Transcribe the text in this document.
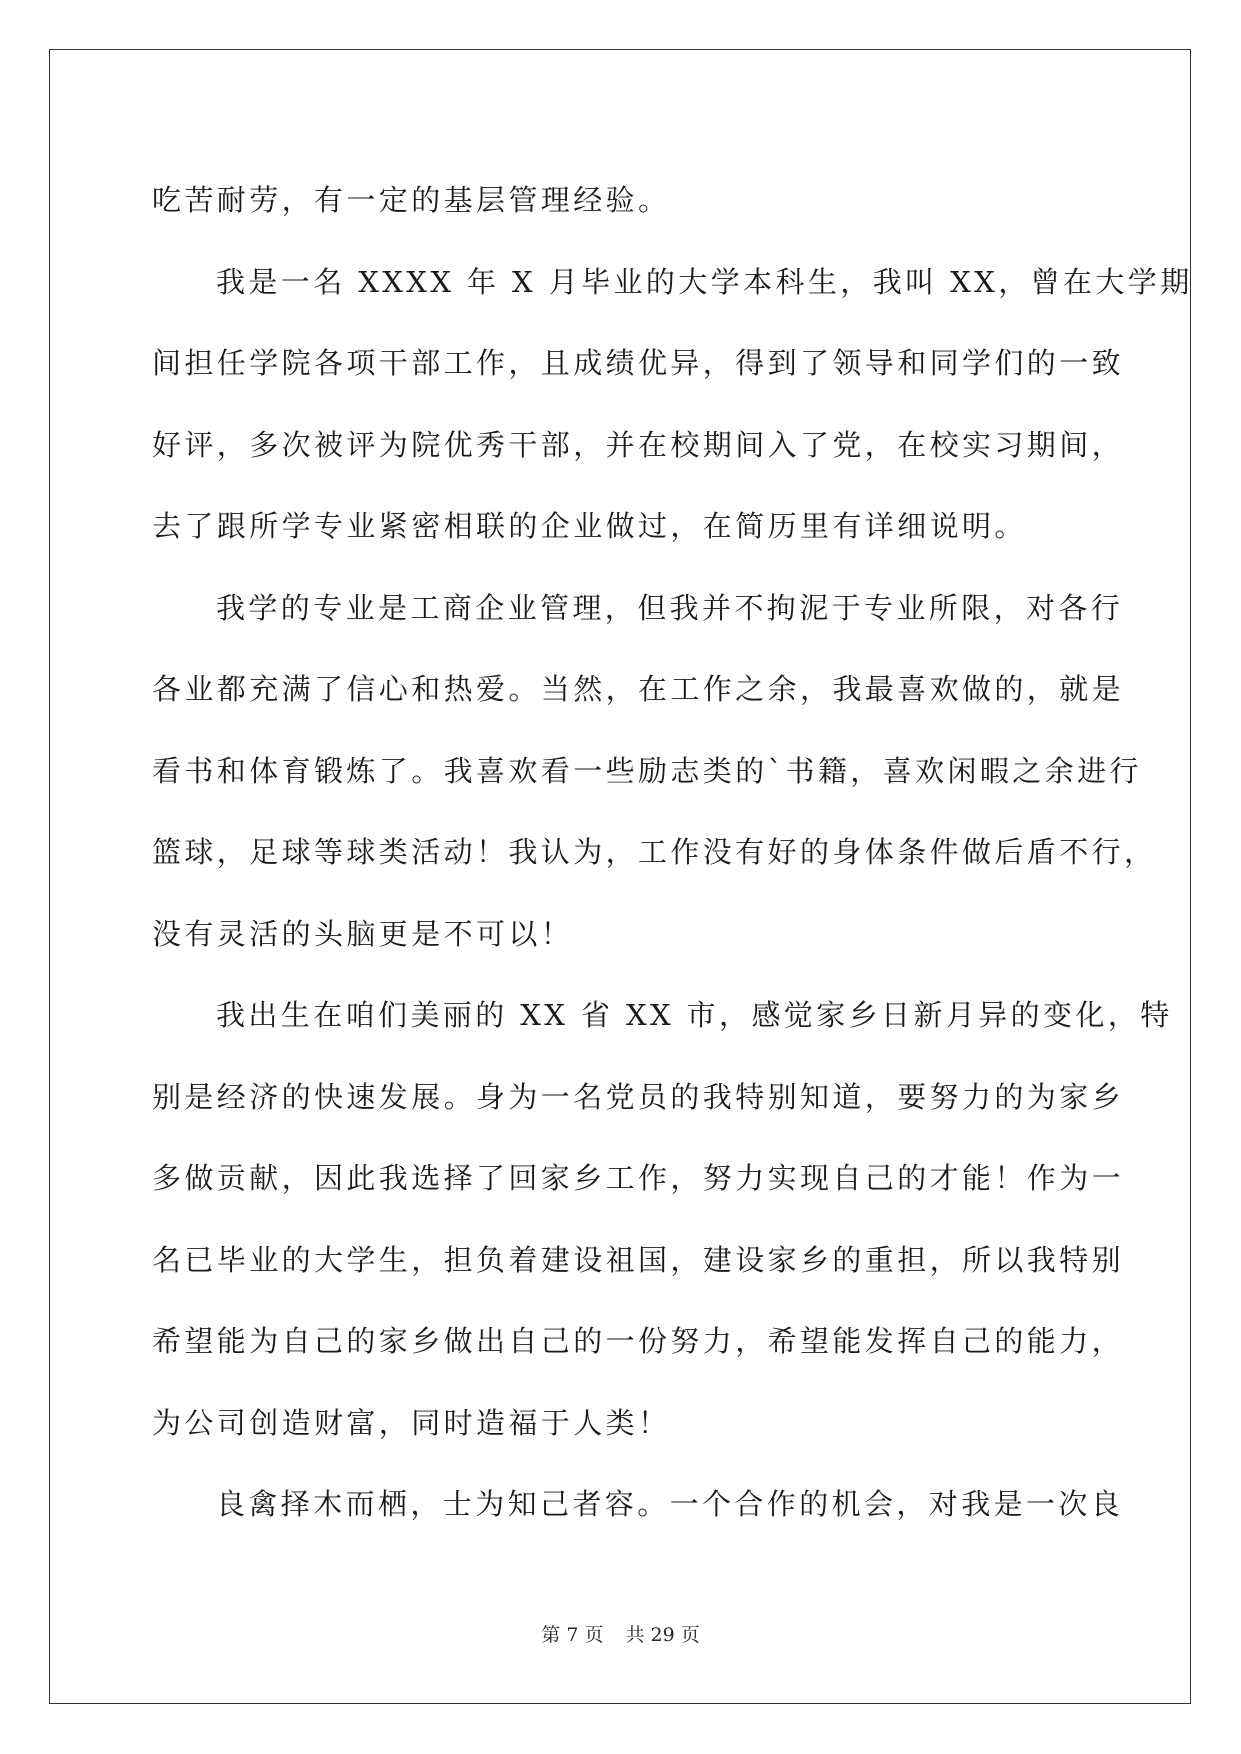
吃苦耐劳，有一定的基层管理经验。
我是一名 XXXX 年 X 月毕业的大学本科生，我叫 XX，曾在大学期
间担任学院各项干部工作，且成绩优异，得到了领导和同学们的一致
好评，多次被评为院优秀干部，并在校期间入了党，在校实习期间，
去了跟所学专业紧密相联的企业做过，在简历里有详细说明。
我学的专业是工商企业管理，但我并不拘泥于专业所限，对各行
各业都充满了信心和热爱。当然，在工作之余，我最喜欢做的，就是
看书和体育锻炼了。我喜欢看一些励志类的`书籍，喜欢闲暇之余进行
篮球，足球等球类活动！我认为，工作没有好的身体条件做后盾不行，
没有灵活的头脑更是不可以！
我出生在咱们美丽的 XX 省 XX 市，感觉家乡日新月异的变化，特
别是经济的快速发展。身为一名党员的我特别知道，要努力的为家乡
多做贡献，因此我选择了回家乡工作，努力实现自己的才能！作为一
名已毕业的大学生，担负着建设祖国，建设家乡的重担，所以我特别
希望能为自己的家乡做出自己的一份努力，希望能发挥自己的能力，
为公司创造财富，同时造福于人类！
良禽择木而栖，士为知己者容。一个合作的机会，对我是一次良
第 7 页 共 29 页
